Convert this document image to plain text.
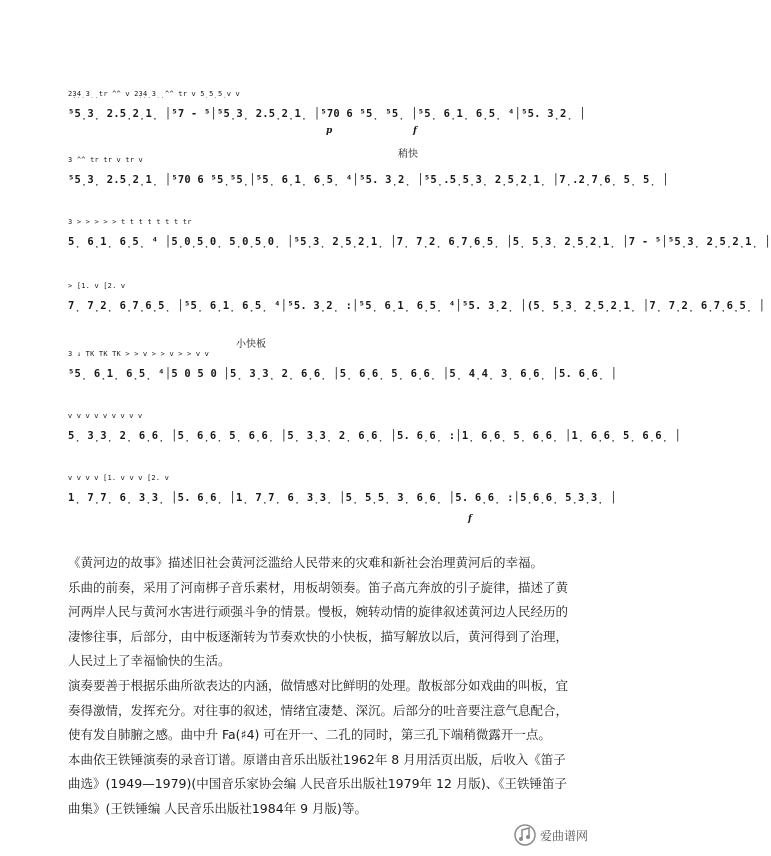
2̣3̣4̣ 3̣ ̣ tr ^^ ⅴ 2̣3̣4̣ 3̣ ̣ ^^ tr ⅴ 5̣ 5̣ 5̣ ⅴ ⅴ
⁵5̣3̣ 2.5̣2̣1̣ │⁵7 - ⁵│⁵5̣3̣ 2.5̣2̣1̣ │⁵70 6 ⁵5̣ ⁵5̣ │⁵5̣ 6̣1̣ 6̣5̣ ⁴│⁵5. 3̣2̣ │
p	f
3 ^^ tr tr ⅴ tr ⅴ
⁵5̣3̣ 2.5̣2̣1̣ │⁵70 6 ⁵5̣⁵5̣│⁵5̣ 6̣1̣ 6̣5̣ ⁴│⁵5. 3̣2̣ │⁵5̣.5̣5̣3̣ 2̣5̣2̣1̣ │7̣.2̣7̣6̣ 5̣ 5̣ │
稍快
3 > > > > > t t t t t t t tr
5̣ 6̣1̣ 6̣5̣ ⁴ │5̣0̣5̣0̣ 5̣0̣5̣0̣ │⁵5̣3̣ 2̣5̣2̣1̣ │7̣ 7̣2̣ 6̣7̣6̣5̣ │5̣ 5̣3̣ 2̣5̣2̣1̣ │7 - ⁵│⁵5̣3̣ 2̣5̣2̣1̣ │
> [1. ⅴ [2. ⅴ
7̣ 7̣2̣ 6̣7̣6̣5̣ │⁵5̣ 6̣1̣ 6̣5̣ ⁴│⁵5. 3̣2̣ :│⁵5̣ 6̣1̣ 6̣5̣ ⁴│⁵5. 3̣2̣ │(5̣ 5̣3̣ 2̣5̣2̣1̣ │7̣ 7̣2̣ 6̣7̣6̣5̣ │
小快板
3 ↓ TK TK TK > > ⅴ > > ⅴ > > ⅴ ⅴ
⁵5̣ 6̣1̣ 6̣5̣ ⁴│5 0 5 0 │5̣ 3̣3̣ 2̣ 6̣6̣ │5̣ 6̣6̣ 5̣ 6̣6̣ │5̣ 4̣4̣ 3̣ 6̣6̣ │5. 6̣6̣ │
ⅴ ⅴ ⅴ ⅴ ⅴ ⅴ ⅴ ⅴ ⅴ
5̣ 3̣3̣ 2̣ 6̣6̣ │5̣ 6̣6̣ 5̣ 6̣6̣ │5̣ 3̣3̣ 2̣ 6̣6̣ │5. 6̣6̣ :│1̣ 6̣6̣ 5̣ 6̣6̣ │1̣ 6̣6̣ 5̣ 6̣6̣ │
ⅴ ⅴ ⅴ ⅴ [1. ⅴ ⅴ ⅴ [2. ⅴ
1̣ 7̣7̣ 6̣ 3̣3̣ │5. 6̣6̣ │1̣ 7̣7̣ 6̣ 3̣3̣ │5̣ 5̣5̣ 3̣ 6̣6̣ │5. 6̣6̣ :│5̣6̣6̣ 5̣3̣3̣ │
f

《黄河边的故事》描述旧社会黄河泛滥给人民带来的灾难和新社会治理黄河后的幸福。

乐曲的前奏，采用了河南梆子音乐素材，用板胡领奏。笛子高亢奔放的引子旋律，描述了黄河两岸人民与黄河水害进行顽强斗争的情景。慢板，婉转动情的旋律叙述黄河边人民经历的凄惨往事，后部分，由中板逐渐转为节奏欢快的小快板，描写解放以后，黄河得到了治理，人民过上了幸福愉快的生活。

演奏要善于根据乐曲所欲表达的内涵，做情感对比鲜明的处理。散板部分如戏曲的叫板，宜奏得激情，发挥充分。对往事的叙述，情绪宜凄楚、深沉。后部分的吐音要注意气息配合，使有发自肺腑之感。曲中升 Fa(♯4) 可在开一、二孔的同时，第三孔下端稍微露开一点。

本曲依王铁锤演奏的录音订谱。原谱由音乐出版社1962年 8 月用活页出版，后收入《笛子曲选》(1949—1979)(中国音乐家协会编 人民音乐出版社1979年 12 月版)、《王铁锤笛子曲集》(王铁锤编 人民音乐出版社1984年 9 月版)等。

爱曲谱网
